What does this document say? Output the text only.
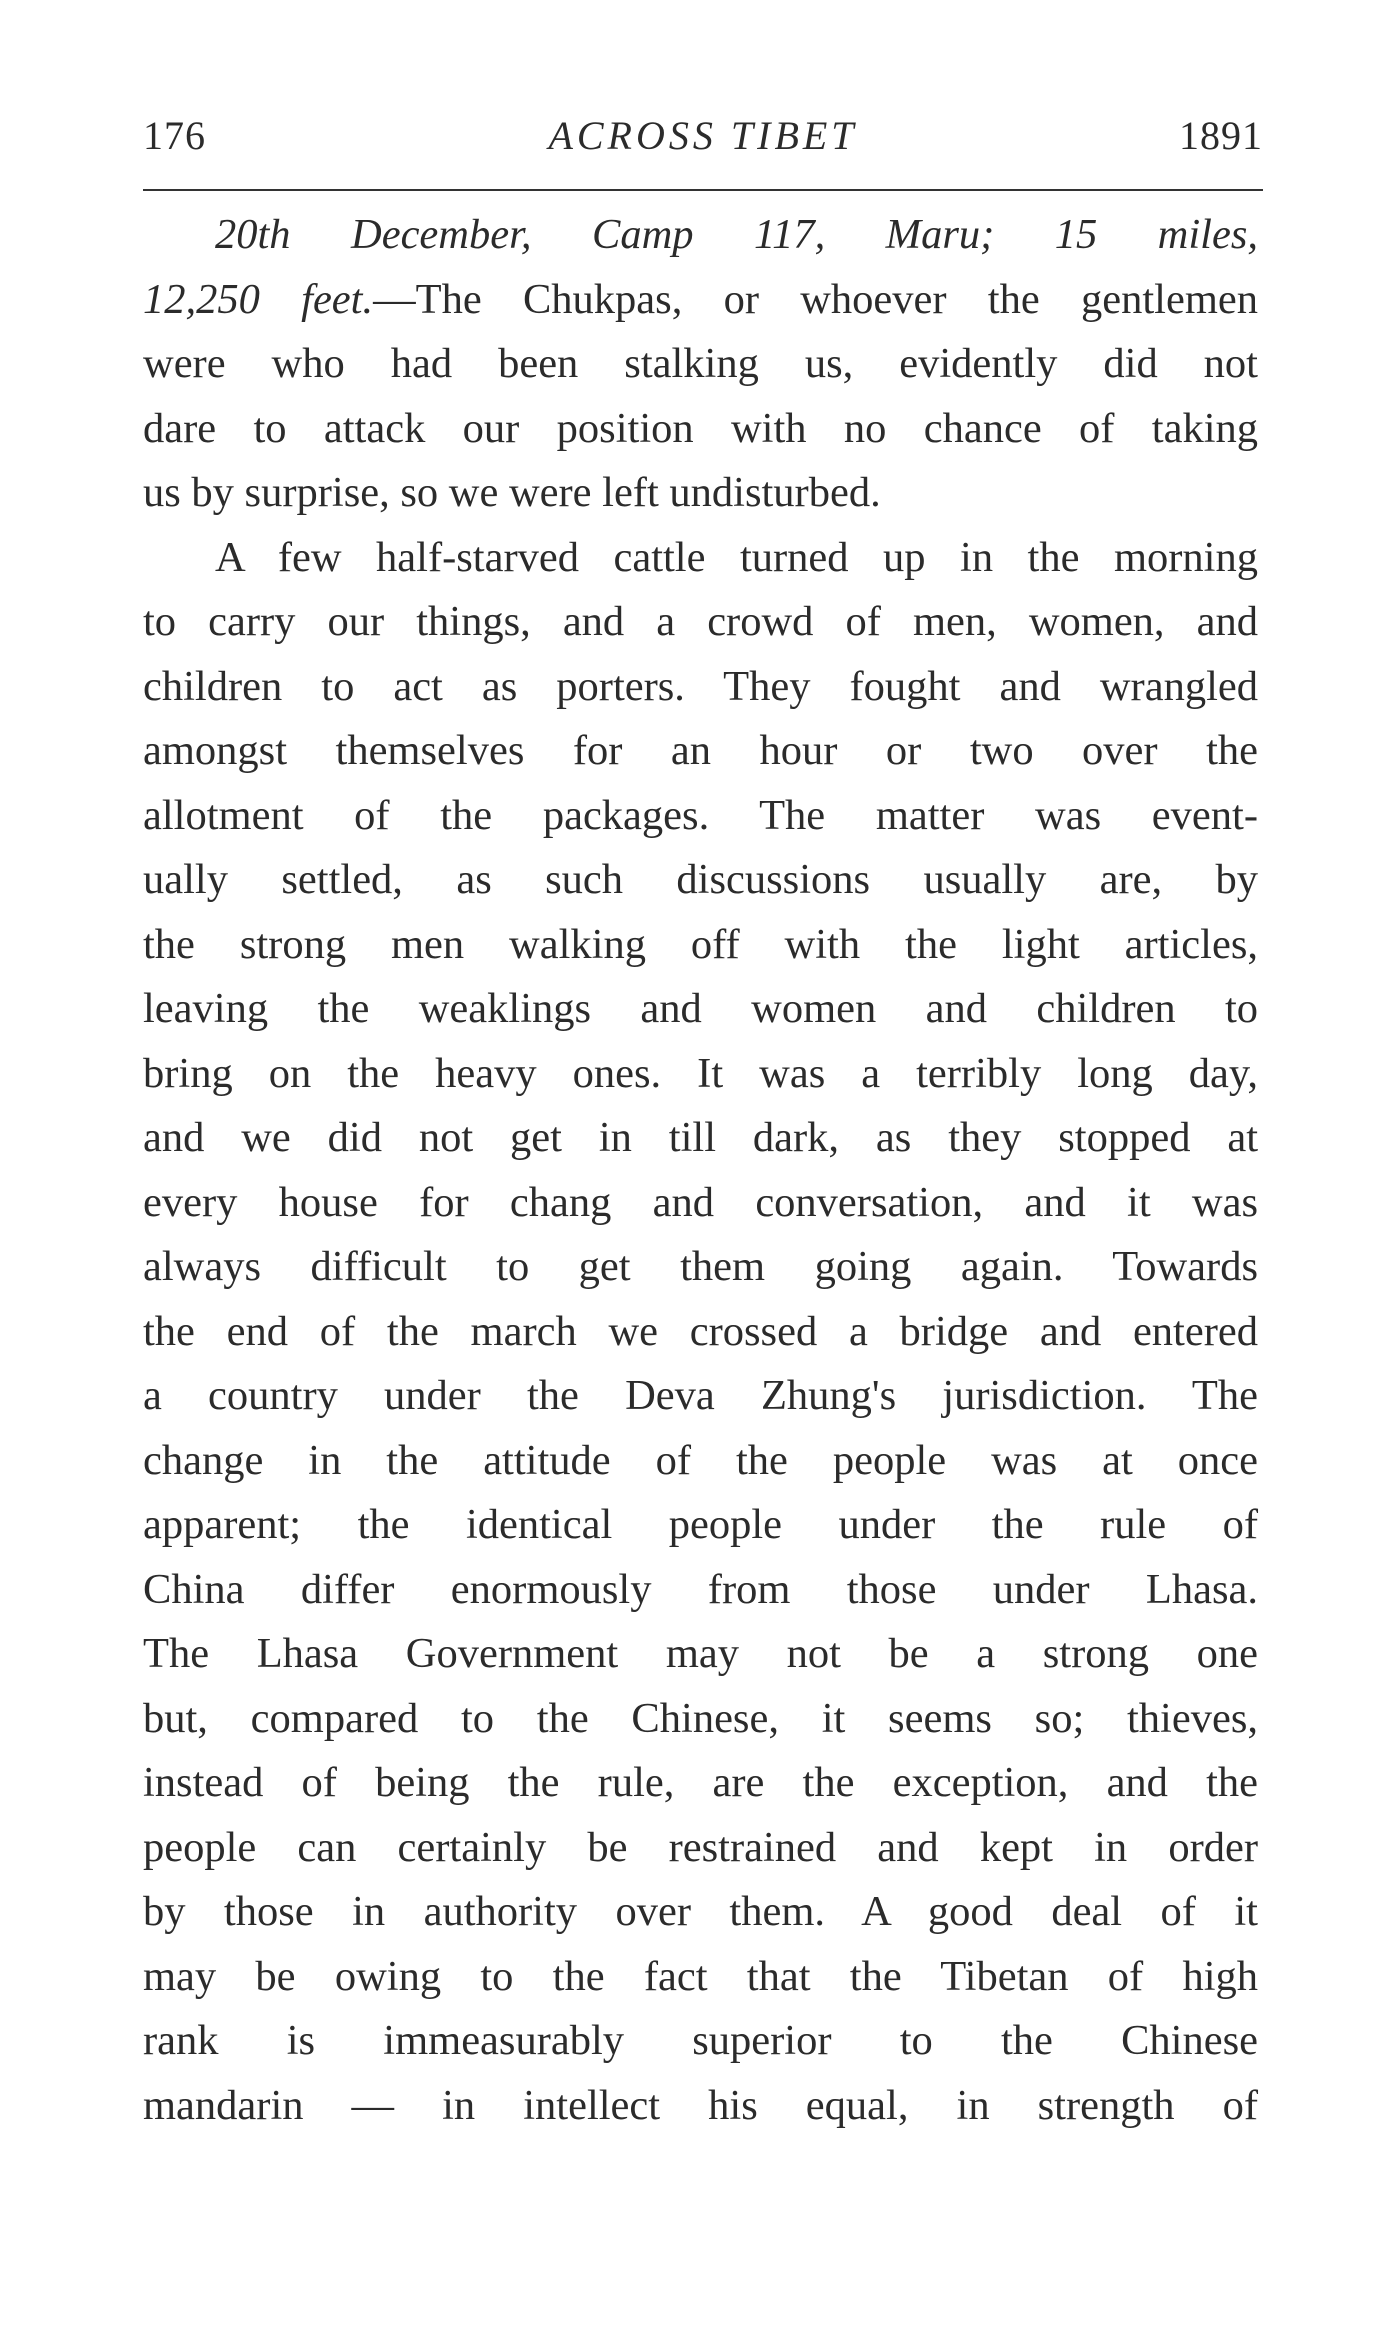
176	ACROSS TIBET	1891
20th December, Camp 117, Maru; 15 miles,
12,250 feet.—The Chukpas, or whoever the gentlemen
were who had been stalking us, evidently did not
dare to attack our position with no chance of taking
us by surprise, so we were left undisturbed.
A few half-starved cattle turned up in the morning
to carry our things, and a crowd of men, women, and
children to act as porters. They fought and wrangled
amongst themselves for an hour or two over the
allotment of the packages. The matter was event-
ually settled, as such discussions usually are, by
the strong men walking off with the light articles,
leaving the weaklings and women and children to
bring on the heavy ones. It was a terribly long day,
and we did not get in till dark, as they stopped at
every house for chang and conversation, and it was
always difficult to get them going again. Towards
the end of the march we crossed a bridge and entered
a country under the Deva Zhung's jurisdiction. The
change in the attitude of the people was at once
apparent; the identical people under the rule of
China differ enormously from those under Lhasa.
The Lhasa Government may not be a strong one
but, compared to the Chinese, it seems so; thieves,
instead of being the rule, are the exception, and the
people can certainly be restrained and kept in order
by those in authority over them. A good deal of it
may be owing to the fact that the Tibetan of high
rank is immeasurably superior to the Chinese
mandarin — in intellect his equal, in strength of
